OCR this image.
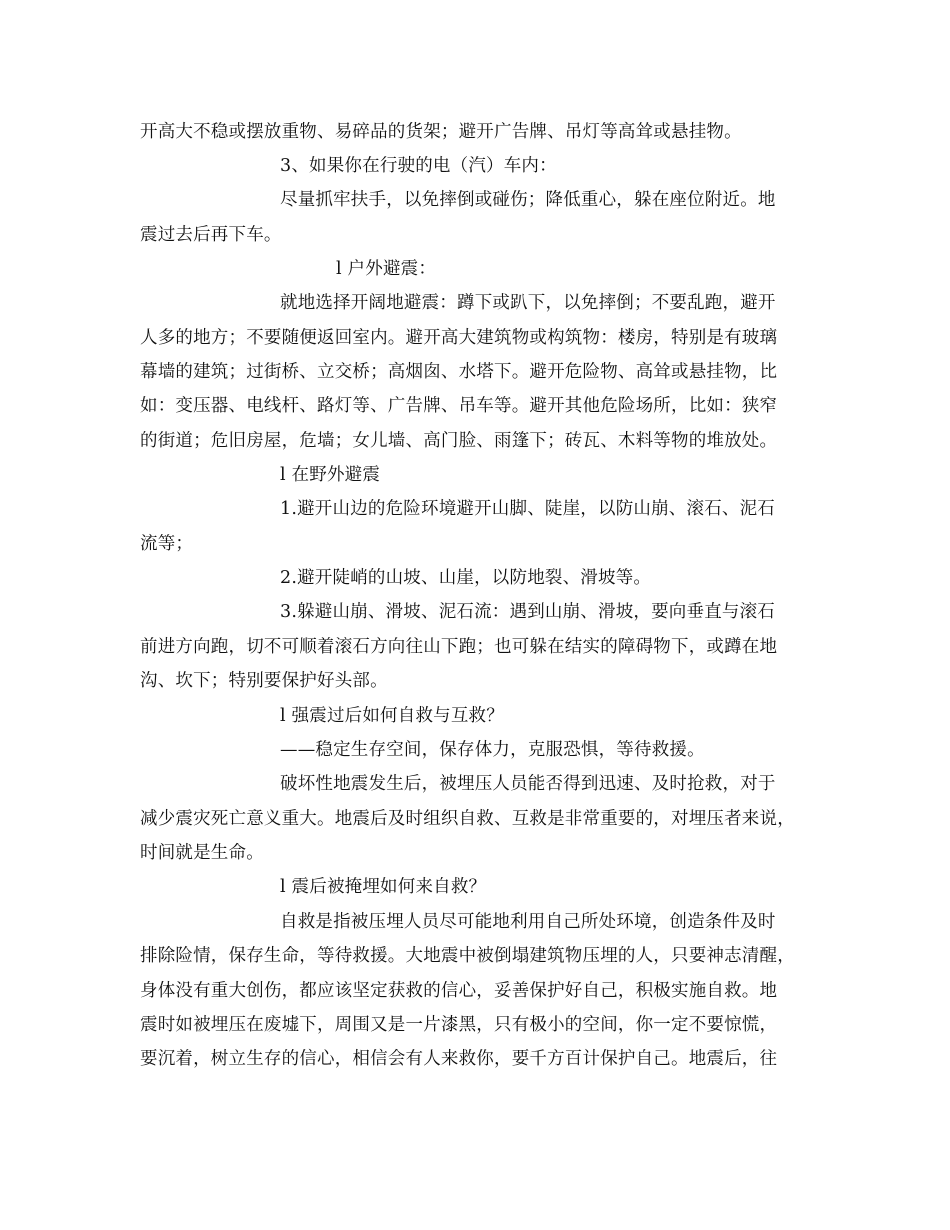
开高大不稳或摆放重物、易碎品的货架；避开广告牌、吊灯等高耸或悬挂物。
3、如果你在行驶的电（汽）车内：
尽量抓牢扶手，以免摔倒或碰伤；降低重心，躲在座位附近。地
震过去后再下车。
l 户外避震：
就地选择开阔地避震：蹲下或趴下，以免摔倒；不要乱跑，避开
人多的地方；不要随便返回室内。避开高大建筑物或构筑物：楼房，特别是有玻璃
幕墙的建筑；过街桥、立交桥；高烟囱、水塔下。避开危险物、高耸或悬挂物，比
如：变压器、电线杆、路灯等、广告牌、吊车等。避开其他危险场所，比如：狭窄
的街道；危旧房屋，危墙；女儿墙、高门脸、雨篷下；砖瓦、木料等物的堆放处。
l 在野外避震
1.避开山边的危险环境避开山脚、陡崖，以防山崩、滚石、泥石
流等；
2.避开陡峭的山坡、山崖，以防地裂、滑坡等。
3.躲避山崩、滑坡、泥石流：遇到山崩、滑坡，要向垂直与滚石
前进方向跑，切不可顺着滚石方向往山下跑；也可躲在结实的障碍物下，或蹲在地
沟、坎下；特别要保护好头部。
l 强震过后如何自救与互救？
——稳定生存空间，保存体力，克服恐惧，等待救援。
破坏性地震发生后，被埋压人员能否得到迅速、及时抢救，对于
减少震灾死亡意义重大。地震后及时组织自救、互救是非常重要的，对埋压者来说，
时间就是生命。
l 震后被掩埋如何来自救？
自救是指被压埋人员尽可能地利用自己所处环境，创造条件及时
排除险情，保存生命，等待救援。大地震中被倒塌建筑物压埋的人，只要神志清醒，
身体没有重大创伤，都应该坚定获救的信心，妥善保护好自己，积极实施自救。地
震时如被埋压在废墟下，周围又是一片漆黑，只有极小的空间，你一定不要惊慌，
要沉着，树立生存的信心，相信会有人来救你，要千方百计保护自己。地震后，往
